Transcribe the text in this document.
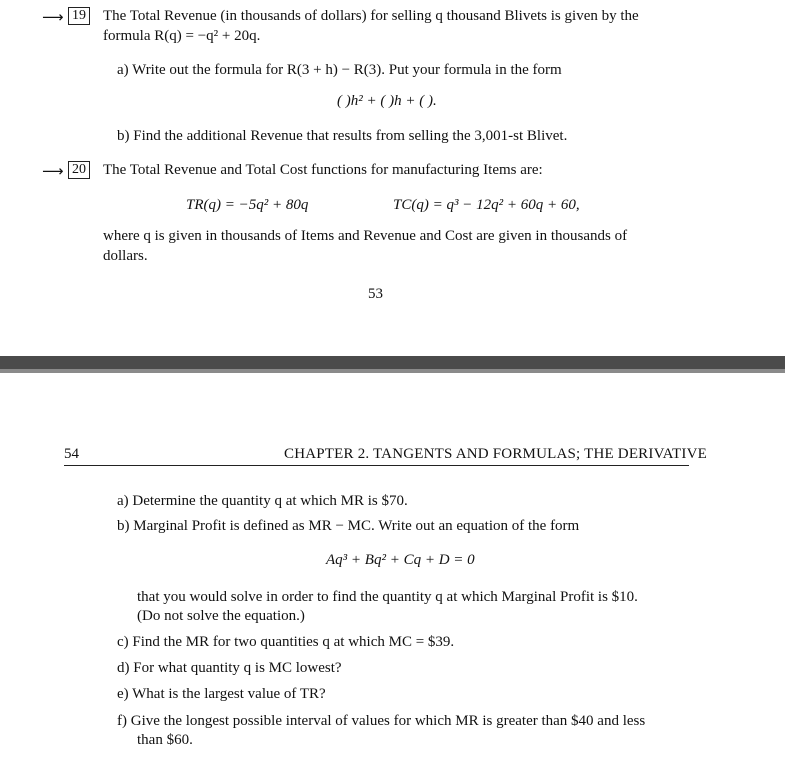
⟶ 19 The Total Revenue (in thousands of dollars) for selling q thousand Blivets is given by the
formula R(q) = −q² + 20q.
a) Write out the formula for R(3 + h) − R(3). Put your formula in the form
( )h² + ( )h + ( ).
b) Find the additional Revenue that results from selling the 3,001-st Blivet.
⟶ 20 The Total Revenue and Total Cost functions for manufacturing Items are:
TR(q) = −5q² + 80q	TC(q) = q³ − 12q² + 60q + 60,
where q is given in thousands of Items and Revenue and Cost are given in thousands of
dollars.
53
54	CHAPTER 2. TANGENTS AND FORMULAS; THE DERIVATIVE
a) Determine the quantity q at which MR is $70.
b) Marginal Profit is defined as MR − MC. Write out an equation of the form
Aq³ + Bq² + Cq + D = 0
that you would solve in order to find the quantity q at which Marginal Profit is $10.
(Do not solve the equation.)
c) Find the MR for two quantities q at which MC = $39.
d) For what quantity q is MC lowest?
e) What is the largest value of TR?
f) Give the longest possible interval of values for which MR is greater than $40 and less
than $60.
